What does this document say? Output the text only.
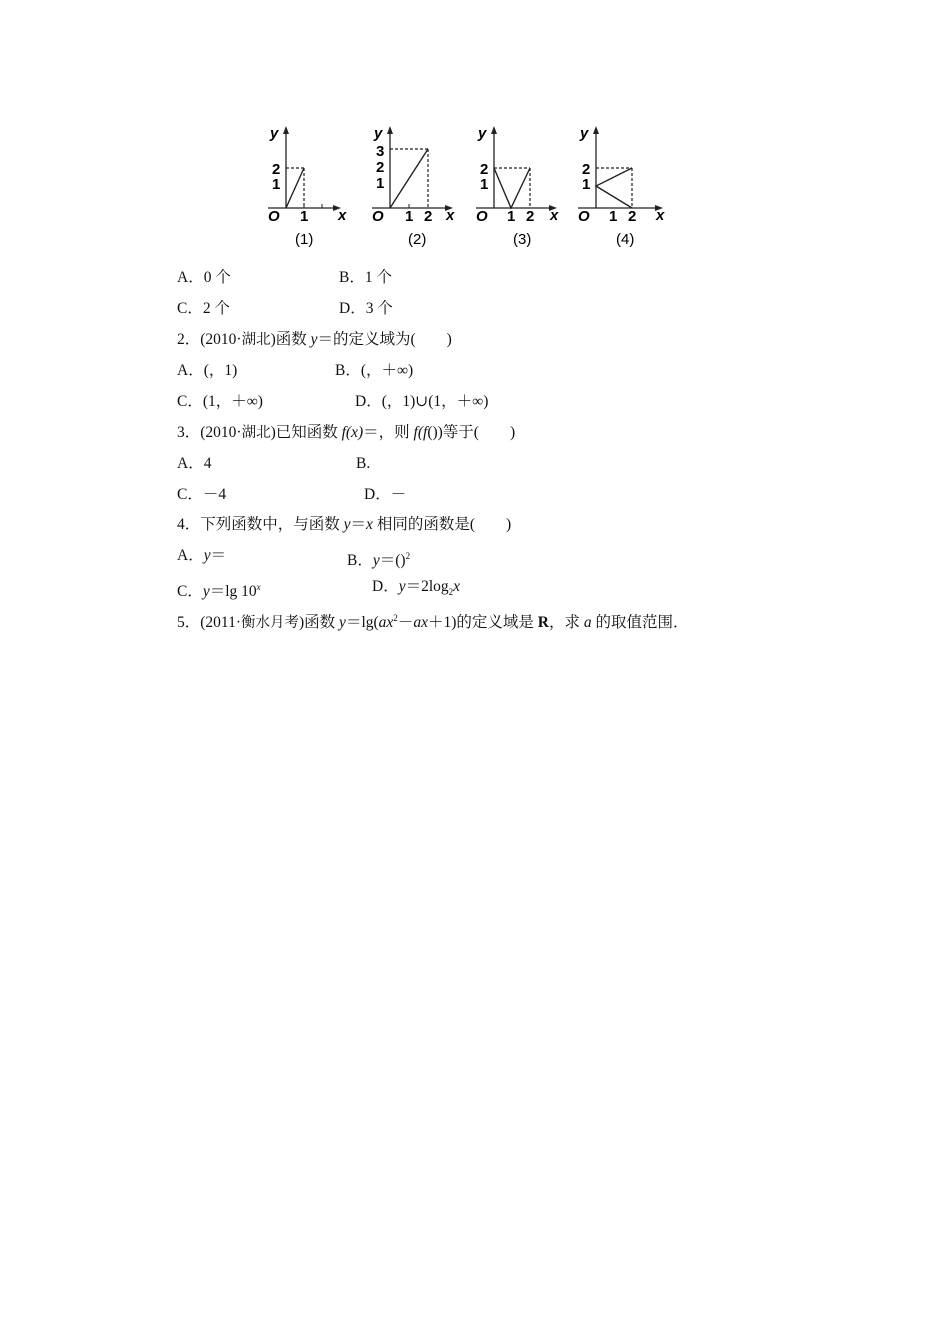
y
2
1
O 1 x
(1)
y
3
2
1
O 1 2 x
(2)
y
2
1
O 1 2 x
(3)
y
2
1
O 1 2 x
(4)
A．0 个	B．1 个
C．2 个	D．3 个
2．(2010·湖北)函数 y＝的定义域为(　　)
A．(，1)	B．(，＋∞)
C．(1，＋∞)	D．(，1)∪(1，＋∞)
3．(2010·湖北)已知函数 f(x)＝，则 f(f())等于(　　)
A．4	B.
C．－4	D．－
4．下列函数中，与函数 y＝x 相同的函数是(　　)
A．y＝	B．y＝()$^2$
C．y＝lg 10$^x$	D．$y=2\log_2x$
5．(2011·衡水月考)函数 $y=\lg(ax^2-ax+1)$的定义域是 R，求 a 的取值范围．
